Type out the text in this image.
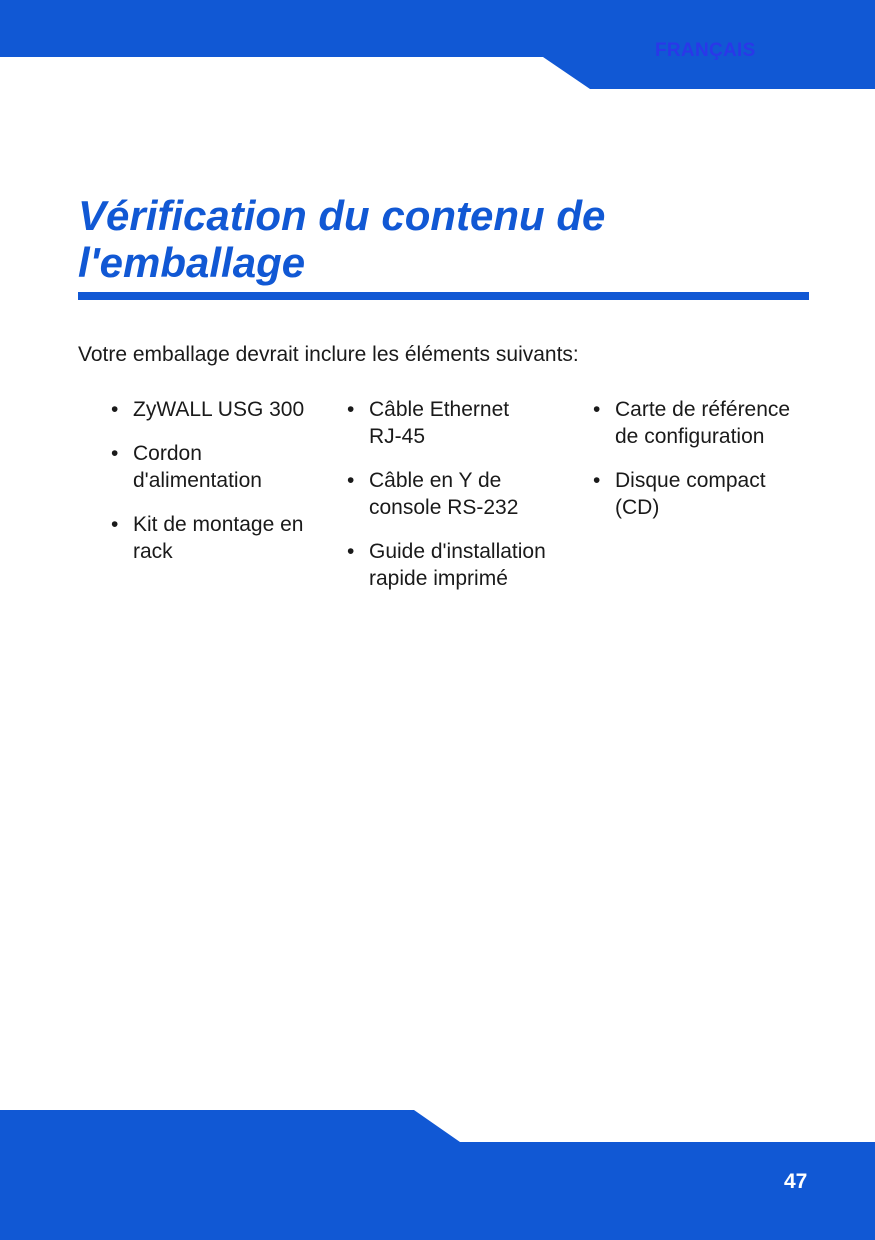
FRANÇAIS
Vérification du contenu de l'emballage

Votre emballage devrait inclure les éléments suivants:

• ZyWALL USG 300
• Cordon d'alimentation
• Kit de montage en rack
• Câble Ethernet RJ-45
• Câble en Y de console RS-232
• Guide d'installation rapide imprimé
• Carte de référence de configuration
• Disque compact (CD)
47
